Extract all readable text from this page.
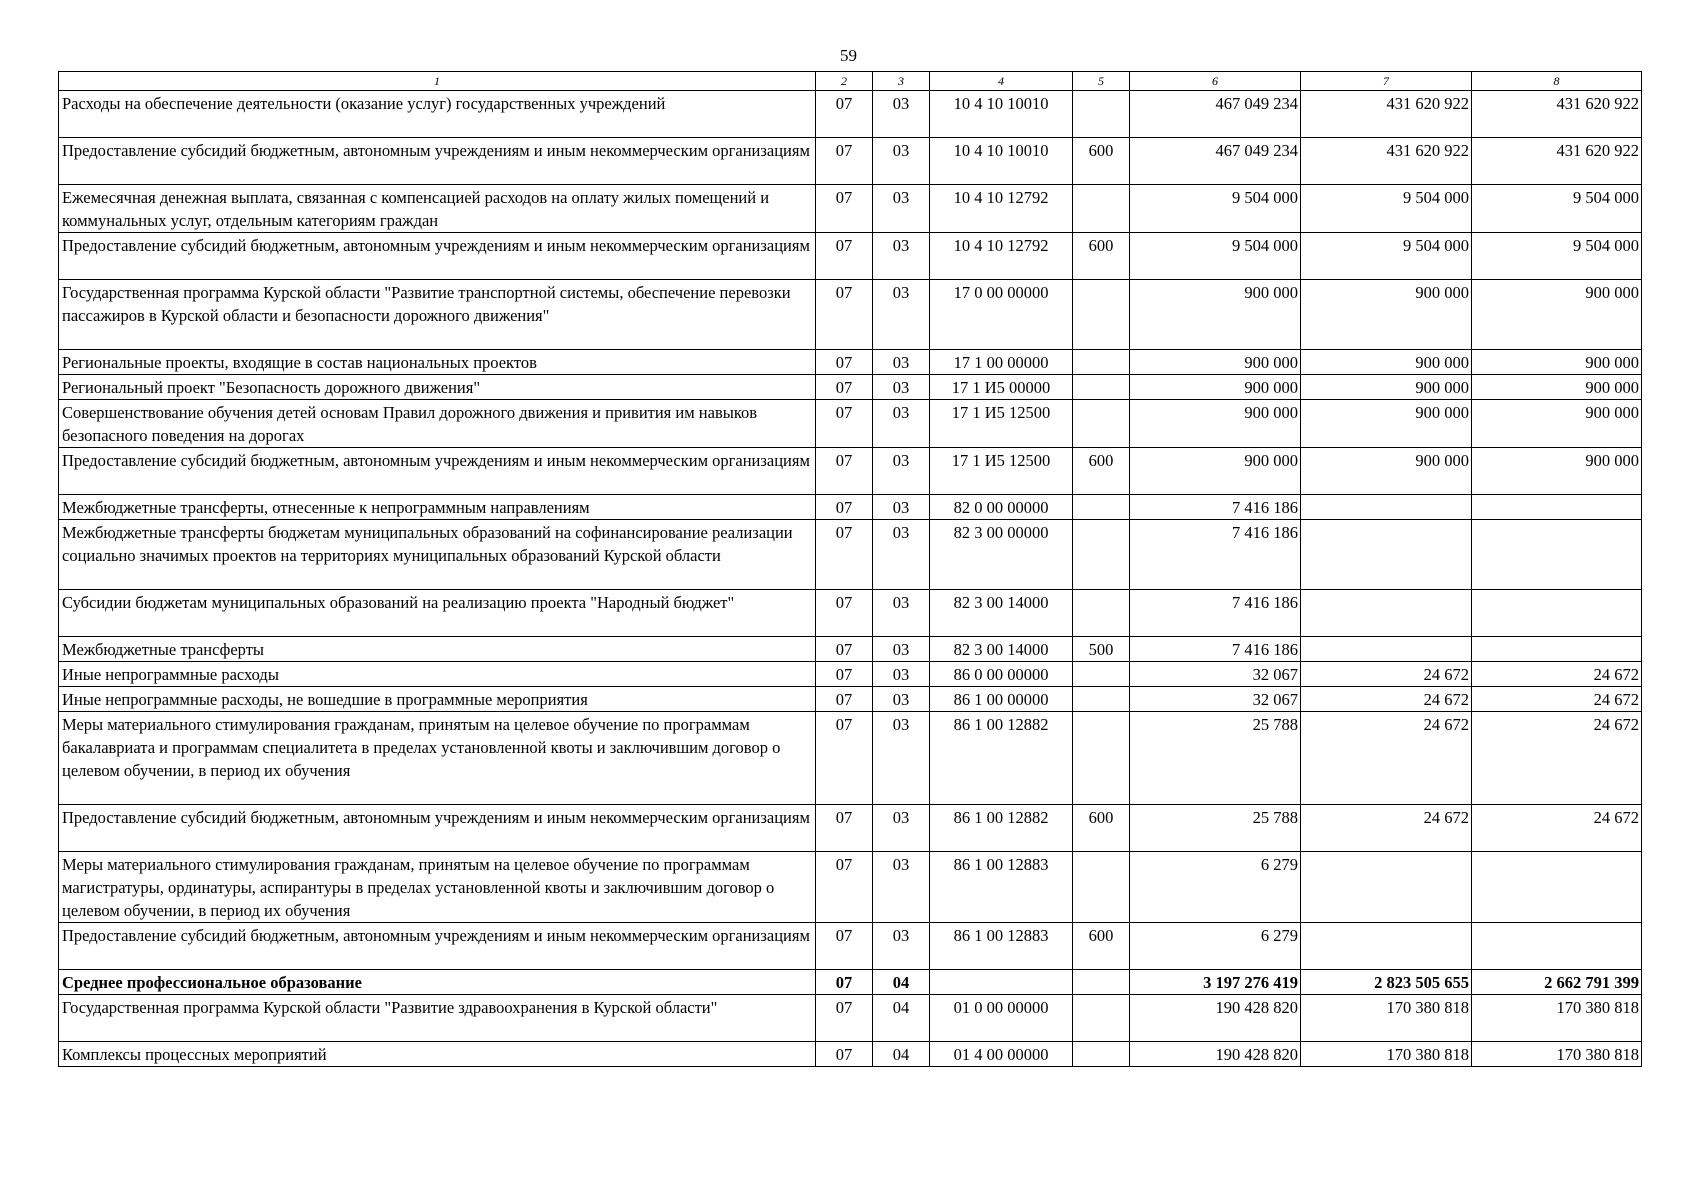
59
1	2	3	4	5	6	7	8
Расходы на обеспечение деятельности (оказание услуг) государственных учреждений	07	03	10 4 10 10010		467 049 234	431 620 922	431 620 922
Предоставление субсидий бюджетным, автономным учреждениям и иным некоммерческим организациям	07	03	10 4 10 10010	600	467 049 234	431 620 922	431 620 922
Ежемесячная денежная выплата, связанная с компенсацией расходов на оплату жилых помещений и коммунальных услуг, отдельным категориям граждан	07	03	10 4 10 12792		9 504 000	9 504 000	9 504 000
Предоставление субсидий бюджетным, автономным учреждениям и иным некоммерческим организациям	07	03	10 4 10 12792	600	9 504 000	9 504 000	9 504 000
Государственная программа Курской области "Развитие транспортной системы, обеспечение перевозки пассажиров в Курской области и безопасности дорожного движения"	07	03	17 0 00 00000		900 000	900 000	900 000
Региональные проекты, входящие в состав национальных проектов	07	03	17 1 00 00000		900 000	900 000	900 000
Региональный проект "Безопасность дорожного движения"	07	03	17 1 И5 00000		900 000	900 000	900 000
Совершенствование обучения детей основам Правил дорожного движения и привития им навыков безопасного поведения на дорогах	07	03	17 1 И5 12500		900 000	900 000	900 000
Предоставление субсидий бюджетным, автономным учреждениям и иным некоммерческим организациям	07	03	17 1 И5 12500	600	900 000	900 000	900 000
Межбюджетные трансферты, отнесенные к непрограммным направлениям	07	03	82 0 00 00000		7 416 186		
Межбюджетные трансферты бюджетам муниципальных образований на софинансирование реализации социально значимых проектов на территориях муниципальных образований Курской области	07	03	82 3 00 00000		7 416 186		
Субсидии бюджетам муниципальных образований на реализацию проекта "Народный бюджет"	07	03	82 3 00 14000		7 416 186		
Межбюджетные трансферты	07	03	82 3 00 14000	500	7 416 186		
Иные непрограммные расходы	07	03	86 0 00 00000		32 067	24 672	24 672
Иные непрограммные расходы, не вошедшие в программные мероприятия	07	03	86 1 00 00000		32 067	24 672	24 672
Меры материального стимулирования гражданам, принятым на целевое обучение по программам бакалавриата и программам специалитета в пределах установленной квоты и заключившим договор о целевом обучении, в период их обучения	07	03	86 1 00 12882		25 788	24 672	24 672
Предоставление субсидий бюджетным, автономным учреждениям и иным некоммерческим организациям	07	03	86 1 00 12882	600	25 788	24 672	24 672
Меры материального стимулирования гражданам, принятым на целевое обучение по программам магистратуры, ординатуры, аспирантуры в пределах установленной квоты и заключившим договор о целевом обучении, в период их обучения	07	03	86 1 00 12883		6 279		
Предоставление субсидий бюджетным, автономным учреждениям и иным некоммерческим организациям	07	03	86 1 00 12883	600	6 279		
Среднее профессиональное образование	07	04			3 197 276 419	2 823 505 655	2 662 791 399
Государственная программа Курской области "Развитие здравоохранения в Курской области"	07	04	01 0 00 00000		190 428 820	170 380 818	170 380 818
Комплексы процессных мероприятий	07	04	01 4 00 00000		190 428 820	170 380 818	170 380 818
